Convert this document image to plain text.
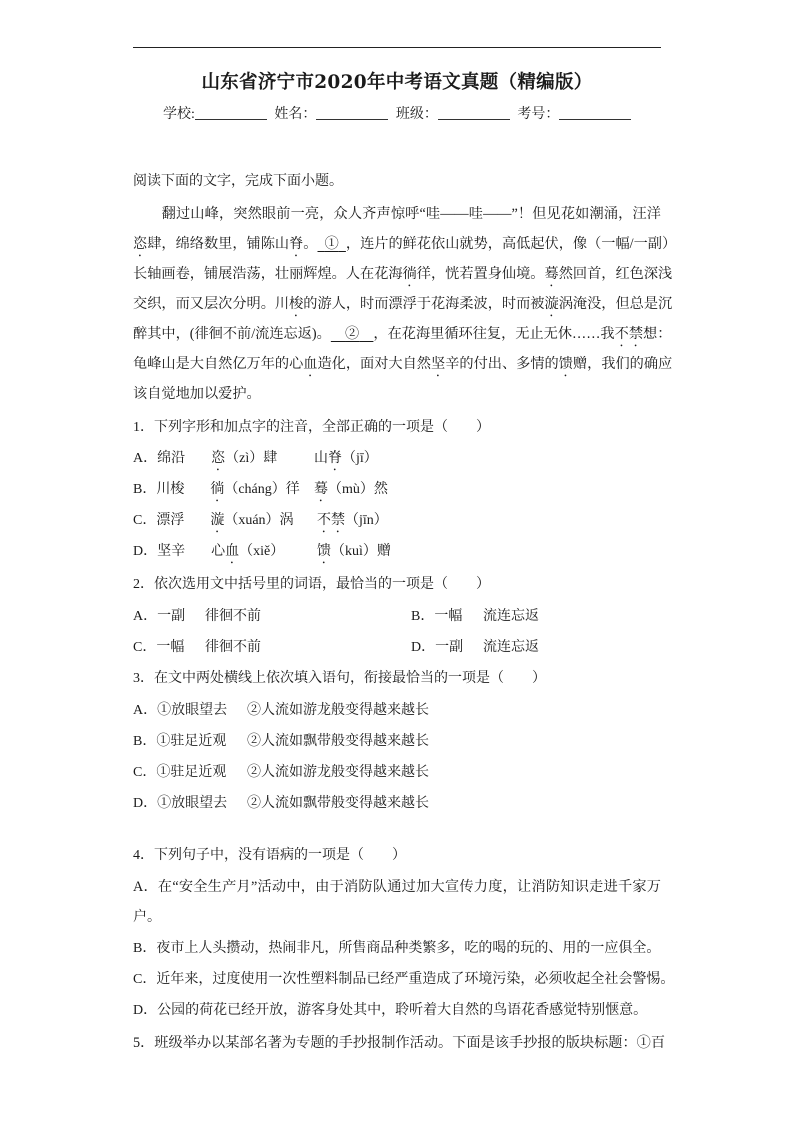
山东省济宁市2020年中考语文真题（精编版）
学校:	姓名：	班级：	考号：
阅读下面的文字，完成下面小题。
　　翻过山峰，突然眼前一亮，众人齐声惊呼“哇——哇——”！但见花如潮涌，汪洋
恣肆，绵络数里，铺陈山脊。  ①  ，连片的鲜花依山就势，高低起伏，像（一幅/一副）
长轴画卷，铺展浩荡，壮丽辉煌。人在花海徜徉，恍若置身仙境。蓦然回首，红色深浅
交织，而又层次分明。川梭的游人，时而漂浮于花海柔波，时而被漩涡淹没，但总是沉
醉其中，(徘徊不前/流连忘返)。   ②   ，在花海里循环往复，无止无休……我不禁想：
龟峰山是大自然亿万年的心血造化，面对大自然坚辛的付出、多情的馈赠，我们的确应
该自觉地加以爱护。
1．下列字形和加点字的注音，全部正确的一项是（　　）
A．绵沿 恣（zì）肆	山脊（jī）
B．川梭 徜（cháng）徉 蓦（mù）然
C．漂浮 漩（xuán）涡 不禁（jīn）
D．坚辛 心血（xiě） 馈（kuì）赠
2．依次选用文中括号里的词语，最恰当的一项是（　　）
A．一副 徘徊不前	B．一幅 流连忘返
C．一幅 徘徊不前	D．一副 流连忘返
3．在文中两处横线上依次填入语句，衔接最恰当的一项是（　　）
A．①放眼望去 ②人流如游龙般变得越来越长
B．①驻足近观 ②人流如飘带般变得越来越长
C．①驻足近观 ②人流如游龙般变得越来越长
D．①放眼望去 ②人流如飘带般变得越来越长
4．下列句子中，没有语病的一项是（　　）
A．在“安全生产月”活动中，由于消防队通过加大宣传力度，让消防知识走进千家万
户。
B．夜市上人头攒动，热闹非凡，所售商品种类繁多，吃的喝的玩的、用的一应俱全。
C．近年来，过度使用一次性塑料制品已经严重造成了环境污染，必须收起全社会警惕。
D．公园的荷花已经开放，游客身处其中，聆听着大自然的鸟语花香感觉特别惬意。
5．班级举办以某部名著为专题的手抄报制作活动。下面是该手抄报的版块标题：①百
